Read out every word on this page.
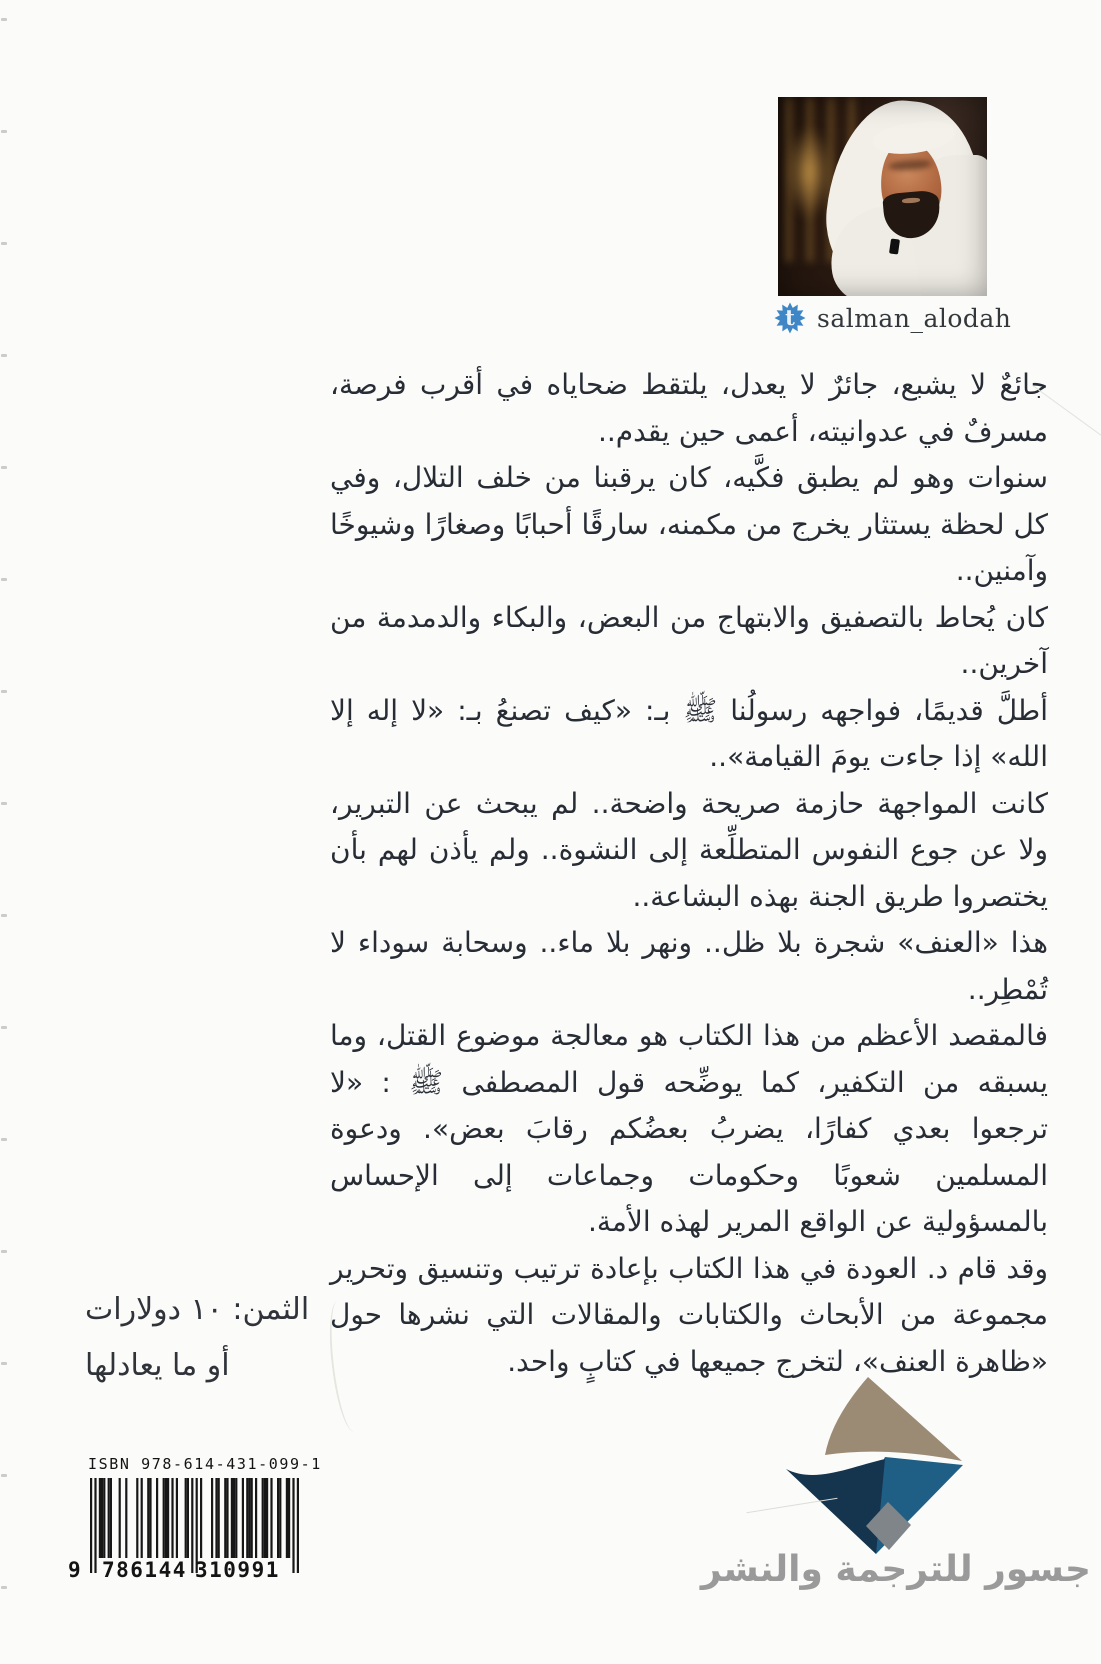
t salman_alodah

جائعٌ لا يشبع، جائرٌ لا يعدل، يلتقط ضحاياه في أقرب فرصة، مسرفٌ في عدوانيته، أعمى حين يقدم..

سنوات وهو لم يطبق فكَّيه، كان يرقبنا من خلف التلال، وفي كل لحظة يستثار يخرج من مكمنه، سارقًا أحبابًا وصغارًا وشيوخًا وآمنين..

كان يُحاط بالتصفيق والابتهاج من البعض، والبكاء والدمدمة من آخرين..

أطلَّ قديمًا، فواجهه رسولُنا ﷺ بـ: «كيف تصنعُ بـ: «لا إله إلا الله» إذا جاءت يومَ القيامة»..

كانت المواجهة حازمة صريحة واضحة.. لم يبحث عن التبرير، ولا عن جوع النفوس المتطلِّعة إلى النشوة.. ولم يأذن لهم بأن يختصروا طريق الجنة بهذه البشاعة..

هذا «العنف» شجرة بلا ظل.. ونهر بلا ماء.. وسحابة سوداء لا تُمْطِر..

فالمقصد الأعظم من هذا الكتاب هو معالجة موضوع القتل، وما يسبقه من التكفير، كما يوضِّحه قول المصطفى ﷺ : «لا ترجعوا بعدي كفارًا، يضربُ بعضُكم رقابَ بعض». ودعوة المسلمين شعوبًا وحكومات وجماعات إلى الإحساس بالمسؤولية عن الواقع المرير لهذه الأمة.

وقد قام د. العودة في هذا الكتاب بإعادة ترتيب وتنسيق وتحرير مجموعة من الأبحاث والكتابات والمقالات التي نشرها حول «ظاهرة العنف»، لتخرج جميعها في كتابٍ واحد.

الثمن: ١٠ دولارات
أو ما يعادلها
ISBN 978-614-431-099-1
9 786144 310991	جسور للترجمة والنشر
